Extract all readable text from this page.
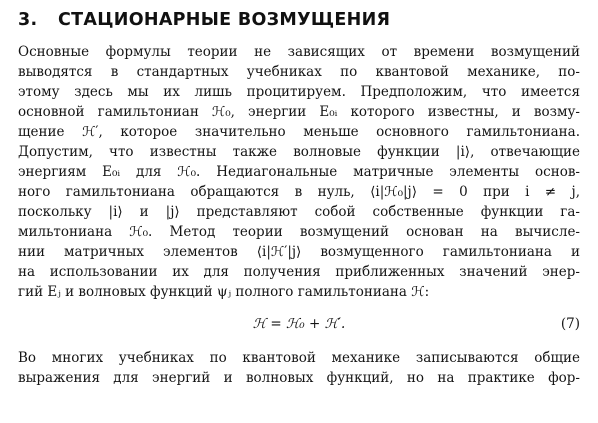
3. СТАЦИОНАРНЫЕ ВОЗМУЩЕНИЯ
Основные формулы теории не зависящих от времени возмущений
выводятся в стандартных учебниках по квантовой механике, по-
этому здесь мы их лишь процитируем. Предположим, что имеется
основной гамильтониан ℋ₀, энергии E₀ᵢ которого известны, и возму-
щение ℋ′, которое значительно меньше основного гамильтониана.
Допустим, что известны также волновые функции |i⟩, отвечающие
энергиям E₀ᵢ для ℋ₀. Недиагональные матричные элементы основ-
ного гамильтониана обращаются в нуль, ⟨i|ℋ₀|j⟩ = 0 при i ≠ j,
поскольку |i⟩ и |j⟩ представляют собой собственные функции га-
мильтониана ℋ₀. Метод теории возмущений основан на вычисле-
нии матричных элементов ⟨i|ℋ′|j⟩ возмущенного гамильтониана и
на использовании их для получения приближенных значений энер-
гий Eⱼ и волновых функций ψⱼ полного гамильтониана ℋ:
ℋ = ℋ₀ + ℋ′.	(7)
Во многих учебниках по квантовой механике записываются общие
выражения для энергий и волновых функций, но на практике фор-
